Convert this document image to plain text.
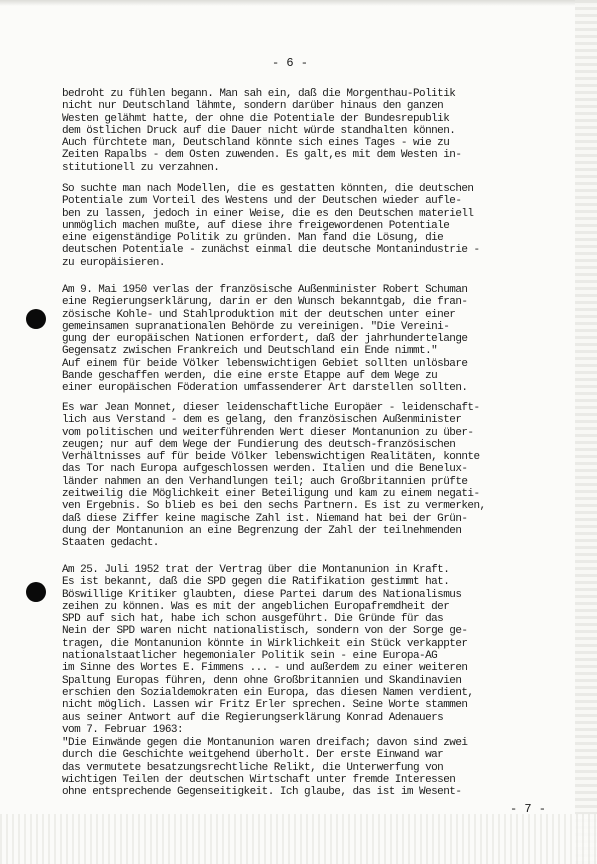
- 6 -

bedroht zu fühlen begann. Man sah ein, daß die Morgenthau-Politik
nicht nur Deutschland lähmte, sondern darüber hinaus den ganzen
Westen gelähmt hatte, der ohne die Potentiale der Bundesrepublik
dem östlichen Druck auf die Dauer nicht würde standhalten können.
Auch fürchtete man, Deutschland könnte sich eines Tages - wie zu
Zeiten Rapalbs - dem Osten zuwenden. Es galt,es mit dem Westen in-
stitutionell zu verzahnen.

So suchte man nach Modellen, die es gestatten könnten, die deutschen
Potentiale zum Vorteil des Westens und der Deutschen wieder aufle-
ben zu lassen, jedoch in einer Weise, die es den Deutschen materiell
unmöglich machen mußte, auf diese ihre freigewordenen Potentiale
eine eigenständige Politik zu gründen. Man fand die Lösung, die
deutschen Potentiale - zunächst einmal die deutsche Montanindustrie -
zu europäisieren.

Am 9. Mai 1950 verlas der französische Außenminister Robert Schuman
eine Regierungserklärung, darin er den Wunsch bekanntgab, die fran-
zösische Kohle- und Stahlproduktion mit der deutschen unter einer
gemeinsamen supranationalen Behörde zu vereinigen. "Die Vereini-
gung der europäischen Nationen erfordert, daß der jahrhundertelange
Gegensatz zwischen Frankreich und Deutschland ein Ende nimmt."
Auf einem für beide Völker lebenswichtigen Gebiet sollten unlösbare
Bande geschaffen werden, die eine erste Etappe auf dem Wege zu
einer europäischen Föderation umfassenderer Art darstellen sollten.

Es war Jean Monnet, dieser leidenschaftliche Europäer - leidenschaft-
lich aus Verstand - dem es gelang, den französischen Außenminister
vom politischen und weiterführenden Wert dieser Montanunion zu über-
zeugen; nur auf dem Wege der Fundierung des deutsch-französischen
Verhältnisses auf für beide Völker lebenswichtigen Realitäten, konnte
das Tor nach Europa aufgeschlossen werden. Italien und die Benelux-
länder nahmen an den Verhandlungen teil; auch Großbritannien prüfte
zeitweilig die Möglichkeit einer Beteiligung und kam zu einem negati-
ven Ergebnis. So blieb es bei den sechs Partnern. Es ist zu vermerken,
daß diese Ziffer keine magische Zahl ist. Niemand hat bei der Grün-
dung der Montanunion an eine Begrenzung der Zahl der teilnehmenden
Staaten gedacht.

Am 25. Juli 1952 trat der Vertrag über die Montanunion in Kraft.
Es ist bekannt, daß die SPD gegen die Ratifikation gestimmt hat.
Böswillige Kritiker glaubten, diese Partei darum des Nationalismus
zeihen zu können. Was es mit der angeblichen Europafremdheit der
SPD auf sich hat, habe ich schon ausgeführt. Die Gründe für das
Nein der SPD waren nicht nationalistisch, sondern von der Sorge ge-
tragen, die Montanunion könnte in Wirklichkeit ein Stück verkappter
nationalstaatlicher hegemonialer Politik sein - eine Europa-AG
im Sinne des Wortes E. Fimmens ... - und außerdem zu einer weiteren
Spaltung Europas führen, denn ohne Großbritannien und Skandinavien
erschien den Sozialdemokraten ein Europa, das diesen Namen verdient,
nicht möglich. Lassen wir Fritz Erler sprechen. Seine Worte stammen
aus seiner Antwort auf die Regierungserklärung Konrad Adenauers
vom 7. Februar 1963:

"Die Einwände gegen die Montanunion waren dreifach; davon sind zwei
durch die Geschichte weitgehend überholt. Der erste Einwand war
das vermutete besatzungsrechtliche Relikt, die Unterwerfung von
wichtigen Teilen der deutschen Wirtschaft unter fremde Interessen
ohne entsprechende Gegenseitigkeit. Ich glaube, das ist im Wesent-

- 7 -
